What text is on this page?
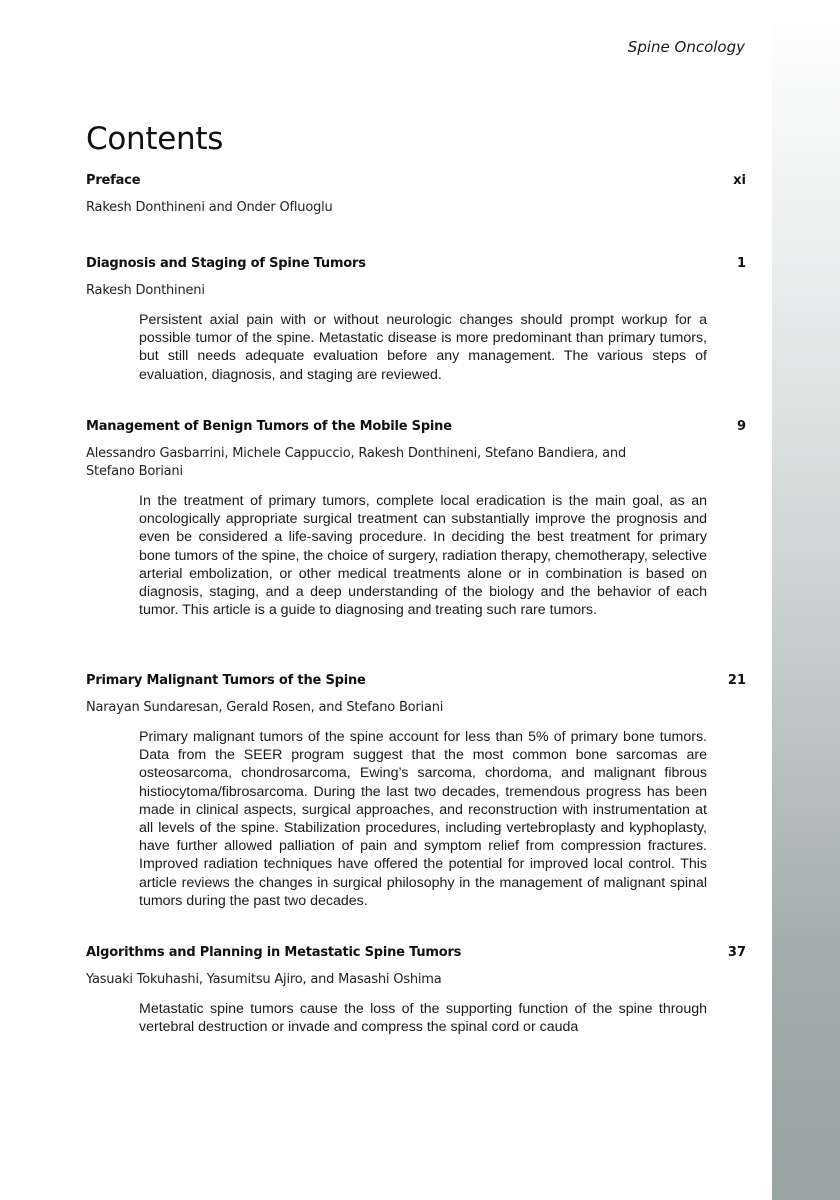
Spine Oncology
Contents
Preface	xi
Rakesh Donthineni and Onder Ofluoglu
Diagnosis and Staging of Spine Tumors	1
Rakesh Donthineni
Persistent axial pain with or without neurologic changes should prompt workup for a possible tumor of the spine. Metastatic disease is more predominant than primary tumors, but still needs adequate evaluation before any management. The various steps of evaluation, diagnosis, and staging are reviewed.
Management of Benign Tumors of the Mobile Spine	9
Alessandro Gasbarrini, Michele Cappuccio, Rakesh Donthineni, Stefano Bandiera, and Stefano Boriani
In the treatment of primary tumors, complete local eradication is the main goal, as an oncologically appropriate surgical treatment can substantially improve the prognosis and even be considered a life-saving procedure. In deciding the best treatment for primary bone tumors of the spine, the choice of surgery, radiation therapy, chemotherapy, selective arterial embolization, or other medical treatments alone or in combination is based on diagnosis, staging, and a deep understanding of the biology and the behavior of each tumor. This article is a guide to diagnosing and treating such rare tumors.
Primary Malignant Tumors of the Spine	21
Narayan Sundaresan, Gerald Rosen, and Stefano Boriani
Primary malignant tumors of the spine account for less than 5% of primary bone tumors. Data from the SEER program suggest that the most common bone sarcomas are osteosarcoma, chondrosarcoma, Ewing’s sarcoma, chordoma, and malignant fibrous histiocytoma/fibrosarcoma. During the last two decades, tremendous progress has been made in clinical aspects, surgical approaches, and reconstruction with instrumentation at all levels of the spine. Stabilization procedures, including vertebroplasty and kyphoplasty, have further allowed palliation of pain and symptom relief from compression fractures. Improved radiation techniques have offered the potential for improved local control. This article reviews the changes in surgical philosophy in the management of malignant spinal tumors during the past two decades.
Algorithms and Planning in Metastatic Spine Tumors	37
Yasuaki Tokuhashi, Yasumitsu Ajiro, and Masashi Oshima
Metastatic spine tumors cause the loss of the supporting function of the spine through vertebral destruction or invade and compress the spinal cord or cauda
